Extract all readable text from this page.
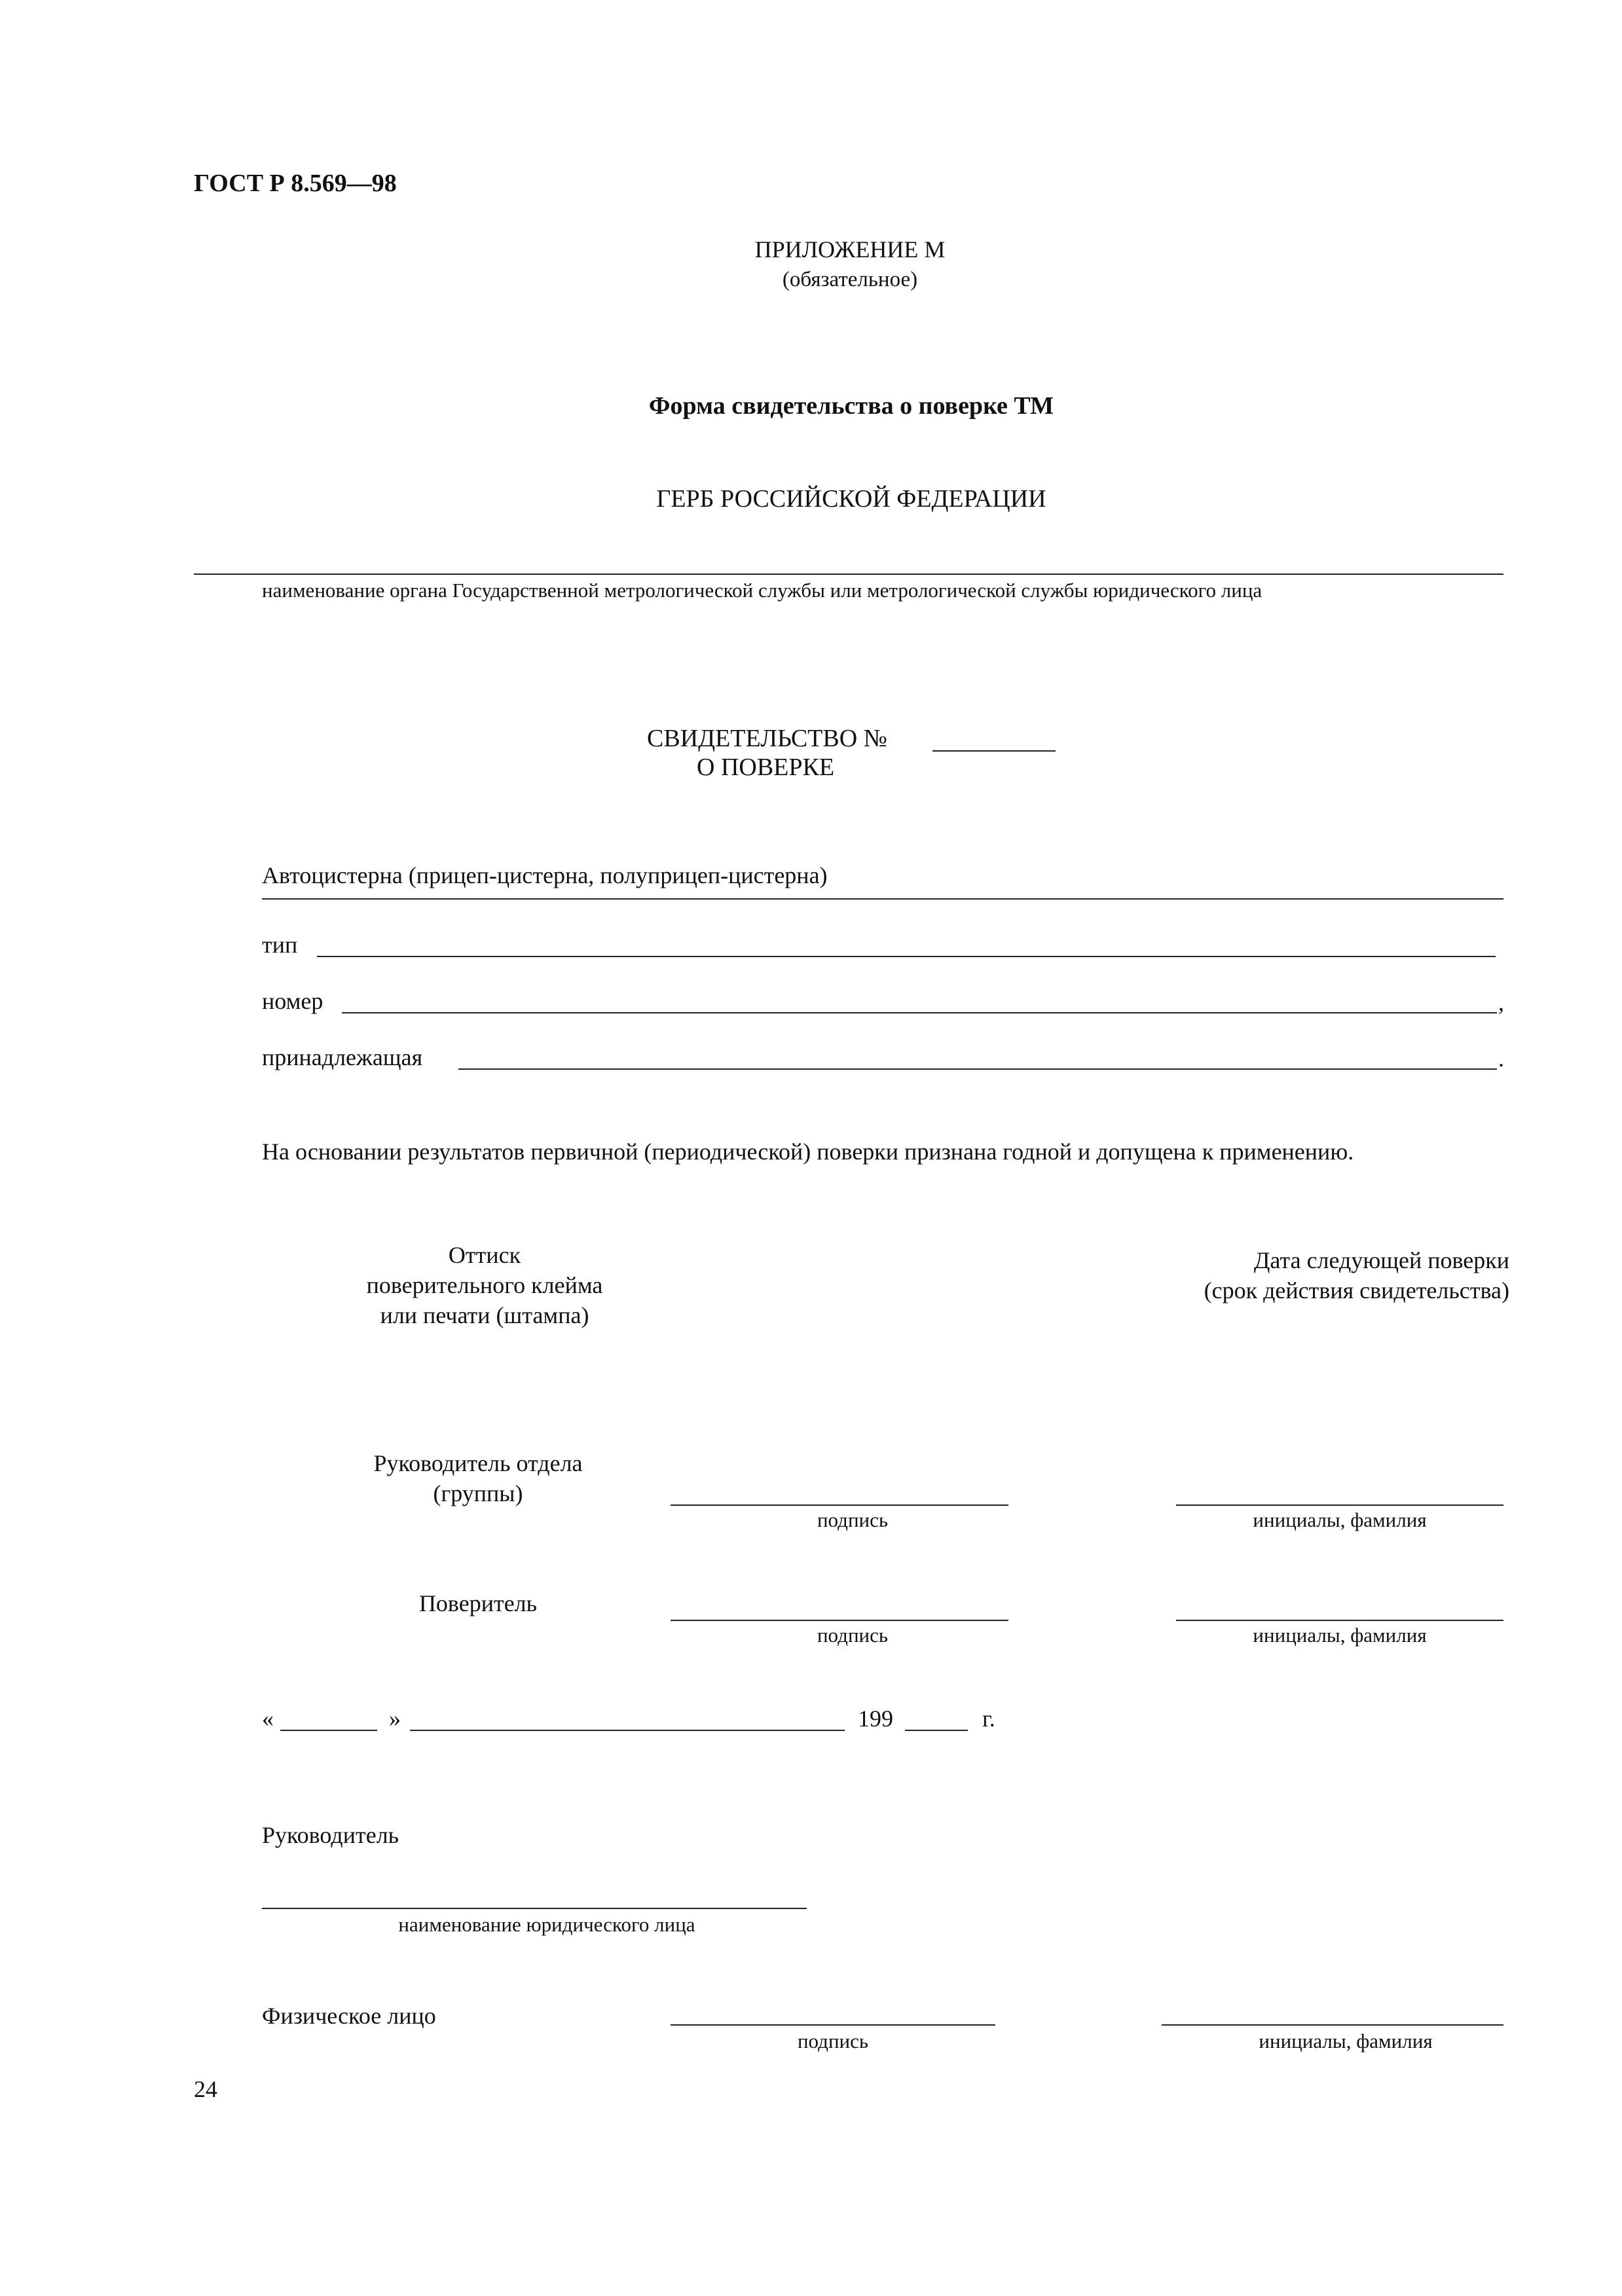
ГОСТ Р 8.569—98
ПРИЛОЖЕНИЕ М
(обязательное)
Форма свидетельства о поверке ТМ
ГЕРБ РОССИЙСКОЙ ФЕДЕРАЦИИ
наименование органа Государственной метрологической службы или метрологической службы юридического лица
СВИДЕТЕЛЬСТВО №
О ПОВЕРКЕ
Автоцистерна (прицеп-цистерна, полуприцеп-цистерна)
тип
номер	,
принадлежащая	.
На основании результатов первичной (периодической) поверки признана годной и допущена к применению.
Оттиск
поверительного клейма
или печати (штампа)
Дата следующей поверки
(срок действия свидетельства)
Руководитель отдела
(группы)
подпись	инициалы, фамилия
Поверитель
подпись	инициалы, фамилия
«	»	199	г.
Руководитель
наименование юридического лица
Физическое лицо
подпись	инициалы, фамилия
24
